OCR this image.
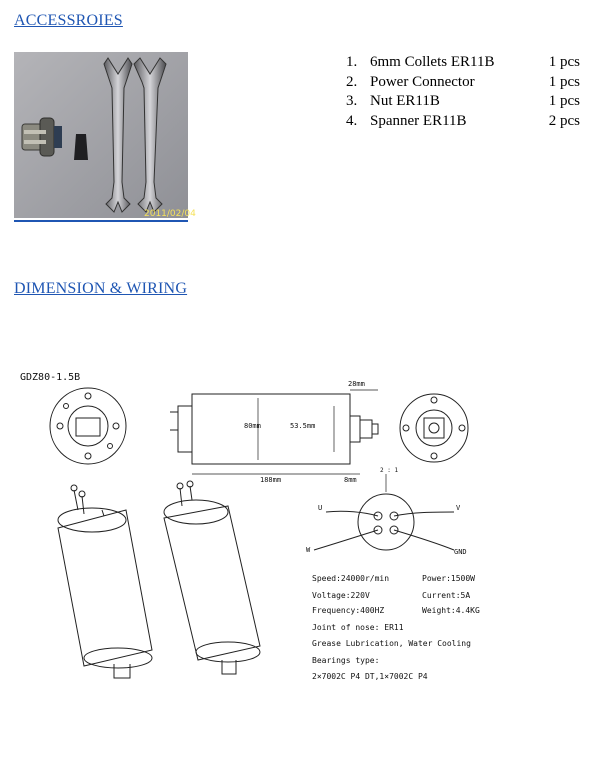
ACCESSROIES
2011/02/04
1. 6mm Collets ER11B	1 pcs
2. Power Connector	1 pcs
3. Nut ER11B	1 pcs
4. Spanner ER11B	2 pcs
DIMENSION & WIRING
GDZ80-1.5B
80mm	53.5mm
188mm
28mm
8mm
2 : 1
U	V
W	GND
Speed:24000r/min	Power:1500W
Voltage:220V	Current:5A
Frequency:400HZ	Weight:4.4KG
Joint of nose: ER11
Grease Lubrication, Water Cooling
Bearings type:
2×7002C P4 DT,1×7002C P4
